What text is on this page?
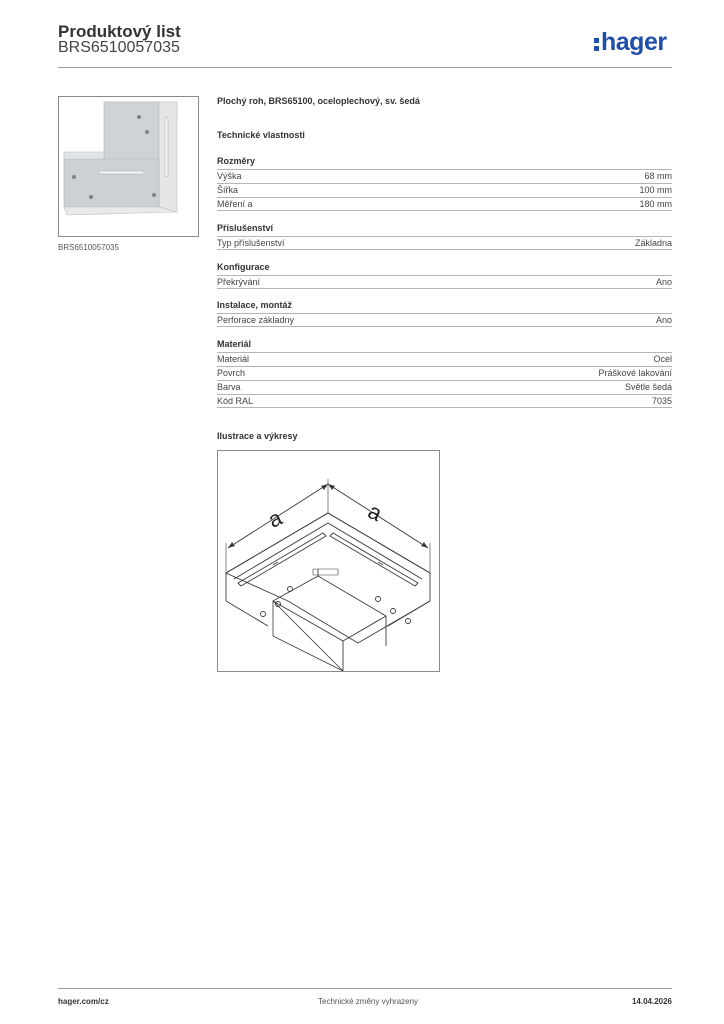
Produktový list
BRS6510057035	hager
BRS6510057035
Plochý roh, BRS65100, oceloplechový, sv. šedá
Technické vlastnosti
Rozměry
Výška	68 mm
Šířka	100 mm
Měření a	180 mm
Příslušenství
Typ příslušenství	Základna
Konfigurace
Překrývání	Ano
Instalace, montáž
Perforace základny	Ano
Materiál
Materiál	Ocel
Povrch	Práškové lakování
Barva	Světle šedá
Kód RAL	7035
Ilustrace a výkresy
a	a
hager.com/cz	Technické změny vyhrazeny	14.04.2026
